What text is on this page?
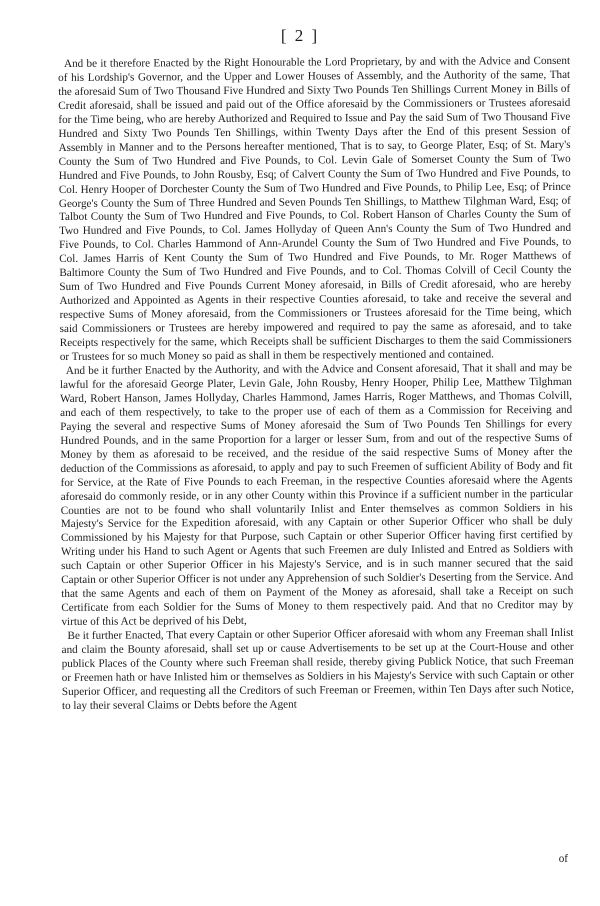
[ 2 ]

And be it therefore Enacted by the Right Honourable the Lord Proprietary, by and with the Advice and Consent of his Lordship's Governor, and the Upper and Lower Houses of Assembly, and the Authority of the same, That the aforesaid Sum of Two Thousand Five Hundred and Sixty Two Pounds Ten Shillings Current Money in Bills of Credit aforesaid, shall be issued and paid out of the Office aforesaid by the Commissioners or Trustees aforesaid for the Time being, who are hereby Authorized and Required to Issue and Pay the said Sum of Two Thousand Five Hundred and Sixty Two Pounds Ten Shillings, within Twenty Days after the End of this present Session of Assembly in Manner and to the Persons hereafter mentioned, That is to say, to George Plater, Esq; of St. Mary's County the Sum of Two Hundred and Five Pounds, to Col. Levin Gale of Somerset County the Sum of Two Hundred and Five Pounds, to John Rousby, Esq; of Calvert County the Sum of Two Hundred and Five Pounds, to Col. Henry Hooper of Dorchester County the Sum of Two Hundred and Five Pounds, to Philip Lee, Esq; of Prince George's County the Sum of Three Hundred and Seven Pounds Ten Shillings, to Matthew Tilghman Ward, Esq; of Talbot County the Sum of Two Hundred and Five Pounds, to Col. Robert Hanson of Charles County the Sum of Two Hundred and Five Pounds, to Col. James Hollyday of Queen Ann's County the Sum of Two Hundred and Five Pounds, to Col. Charles Hammond of Ann-Arundel County the Sum of Two Hundred and Five Pounds, to Col. James Harris of Kent County the Sum of Two Hundred and Five Pounds, to Mr. Roger Matthews of Baltimore County the Sum of Two Hundred and Five Pounds, and to Col. Thomas Colvill of Cecil County the Sum of Two Hundred and Five Pounds Current Money aforesaid, in Bills of Credit aforesaid, who are hereby Authorized and Appointed as Agents in their respective Counties aforesaid, to take and receive the several and respective Sums of Money aforesaid, from the Commissioners or Trustees aforesaid for the Time being, which said Commissioners or Trustees are hereby impowered and required to pay the same as aforesaid, and to take Receipts respectively for the same, which Receipts shall be sufficient Discharges to them the said Commissioners or Trustees for so much Money so paid as shall in them be respectively mentioned and contained.

And be it further Enacted by the Authority, and with the Advice and Consent aforesaid, That it shall and may be lawful for the aforesaid George Plater, Levin Gale, John Rousby, Henry Hooper, Philip Lee, Matthew Tilghman Ward, Robert Hanson, James Hollyday, Charles Hammond, James Harris, Roger Matthews, and Thomas Colvill, and each of them respectively, to take to the proper use of each of them as a Commission for Receiving and Paying the several and respective Sums of Money aforesaid the Sum of Two Pounds Ten Shillings for every Hundred Pounds, and in the same Proportion for a larger or lesser Sum, from and out of the respective Sums of Money by them as aforesaid to be received, and the residue of the said respective Sums of Money after the deduction of the Commissions as aforesaid, to apply and pay to such Freemen of sufficient Ability of Body and fit for Service, at the Rate of Five Pounds to each Freeman, in the respective Counties aforesaid where the Agents aforesaid do commonly reside, or in any other County within this Province if a sufficient number in the particular Counties are not to be found who shall voluntarily Inlist and Enter themselves as common Soldiers in his Majesty's Service for the Expedition aforesaid, with any Captain or other Superior Officer who shall be duly Commissioned by his Majesty for that Purpose, such Captain or other Superior Officer having first certified by Writing under his Hand to such Agent or Agents that such Freemen are duly Inlisted and Entred as Soldiers with such Captain or other Superior Officer in his Majesty's Service, and is in such manner secured that the said Captain or other Superior Officer is not under any Apprehension of such Soldier's Deserting from the Service. And that the same Agents and each of them on Payment of the Money as aforesaid, shall take a Receipt on such Certificate from each Soldier for the Sums of Money to them respectively paid. And that no Creditor may by virtue of this Act be deprived of his Debt,

Be it further Enacted, That every Captain or other Superior Officer aforesaid with whom any Freeman shall Inlist and claim the Bounty aforesaid, shall set up or cause Advertisements to be set up at the Court-House and other publick Places of the County where such Freeman shall reside, thereby giving Publick Notice, that such Freeman or Freemen hath or have Inlisted him or themselves as Soldiers in his Majesty's Service with such Captain or other Superior Officer, and requesting all the Creditors of such Freeman or Freemen, within Ten Days after such Notice, to lay their several Claims or Debts before the Agent

of
